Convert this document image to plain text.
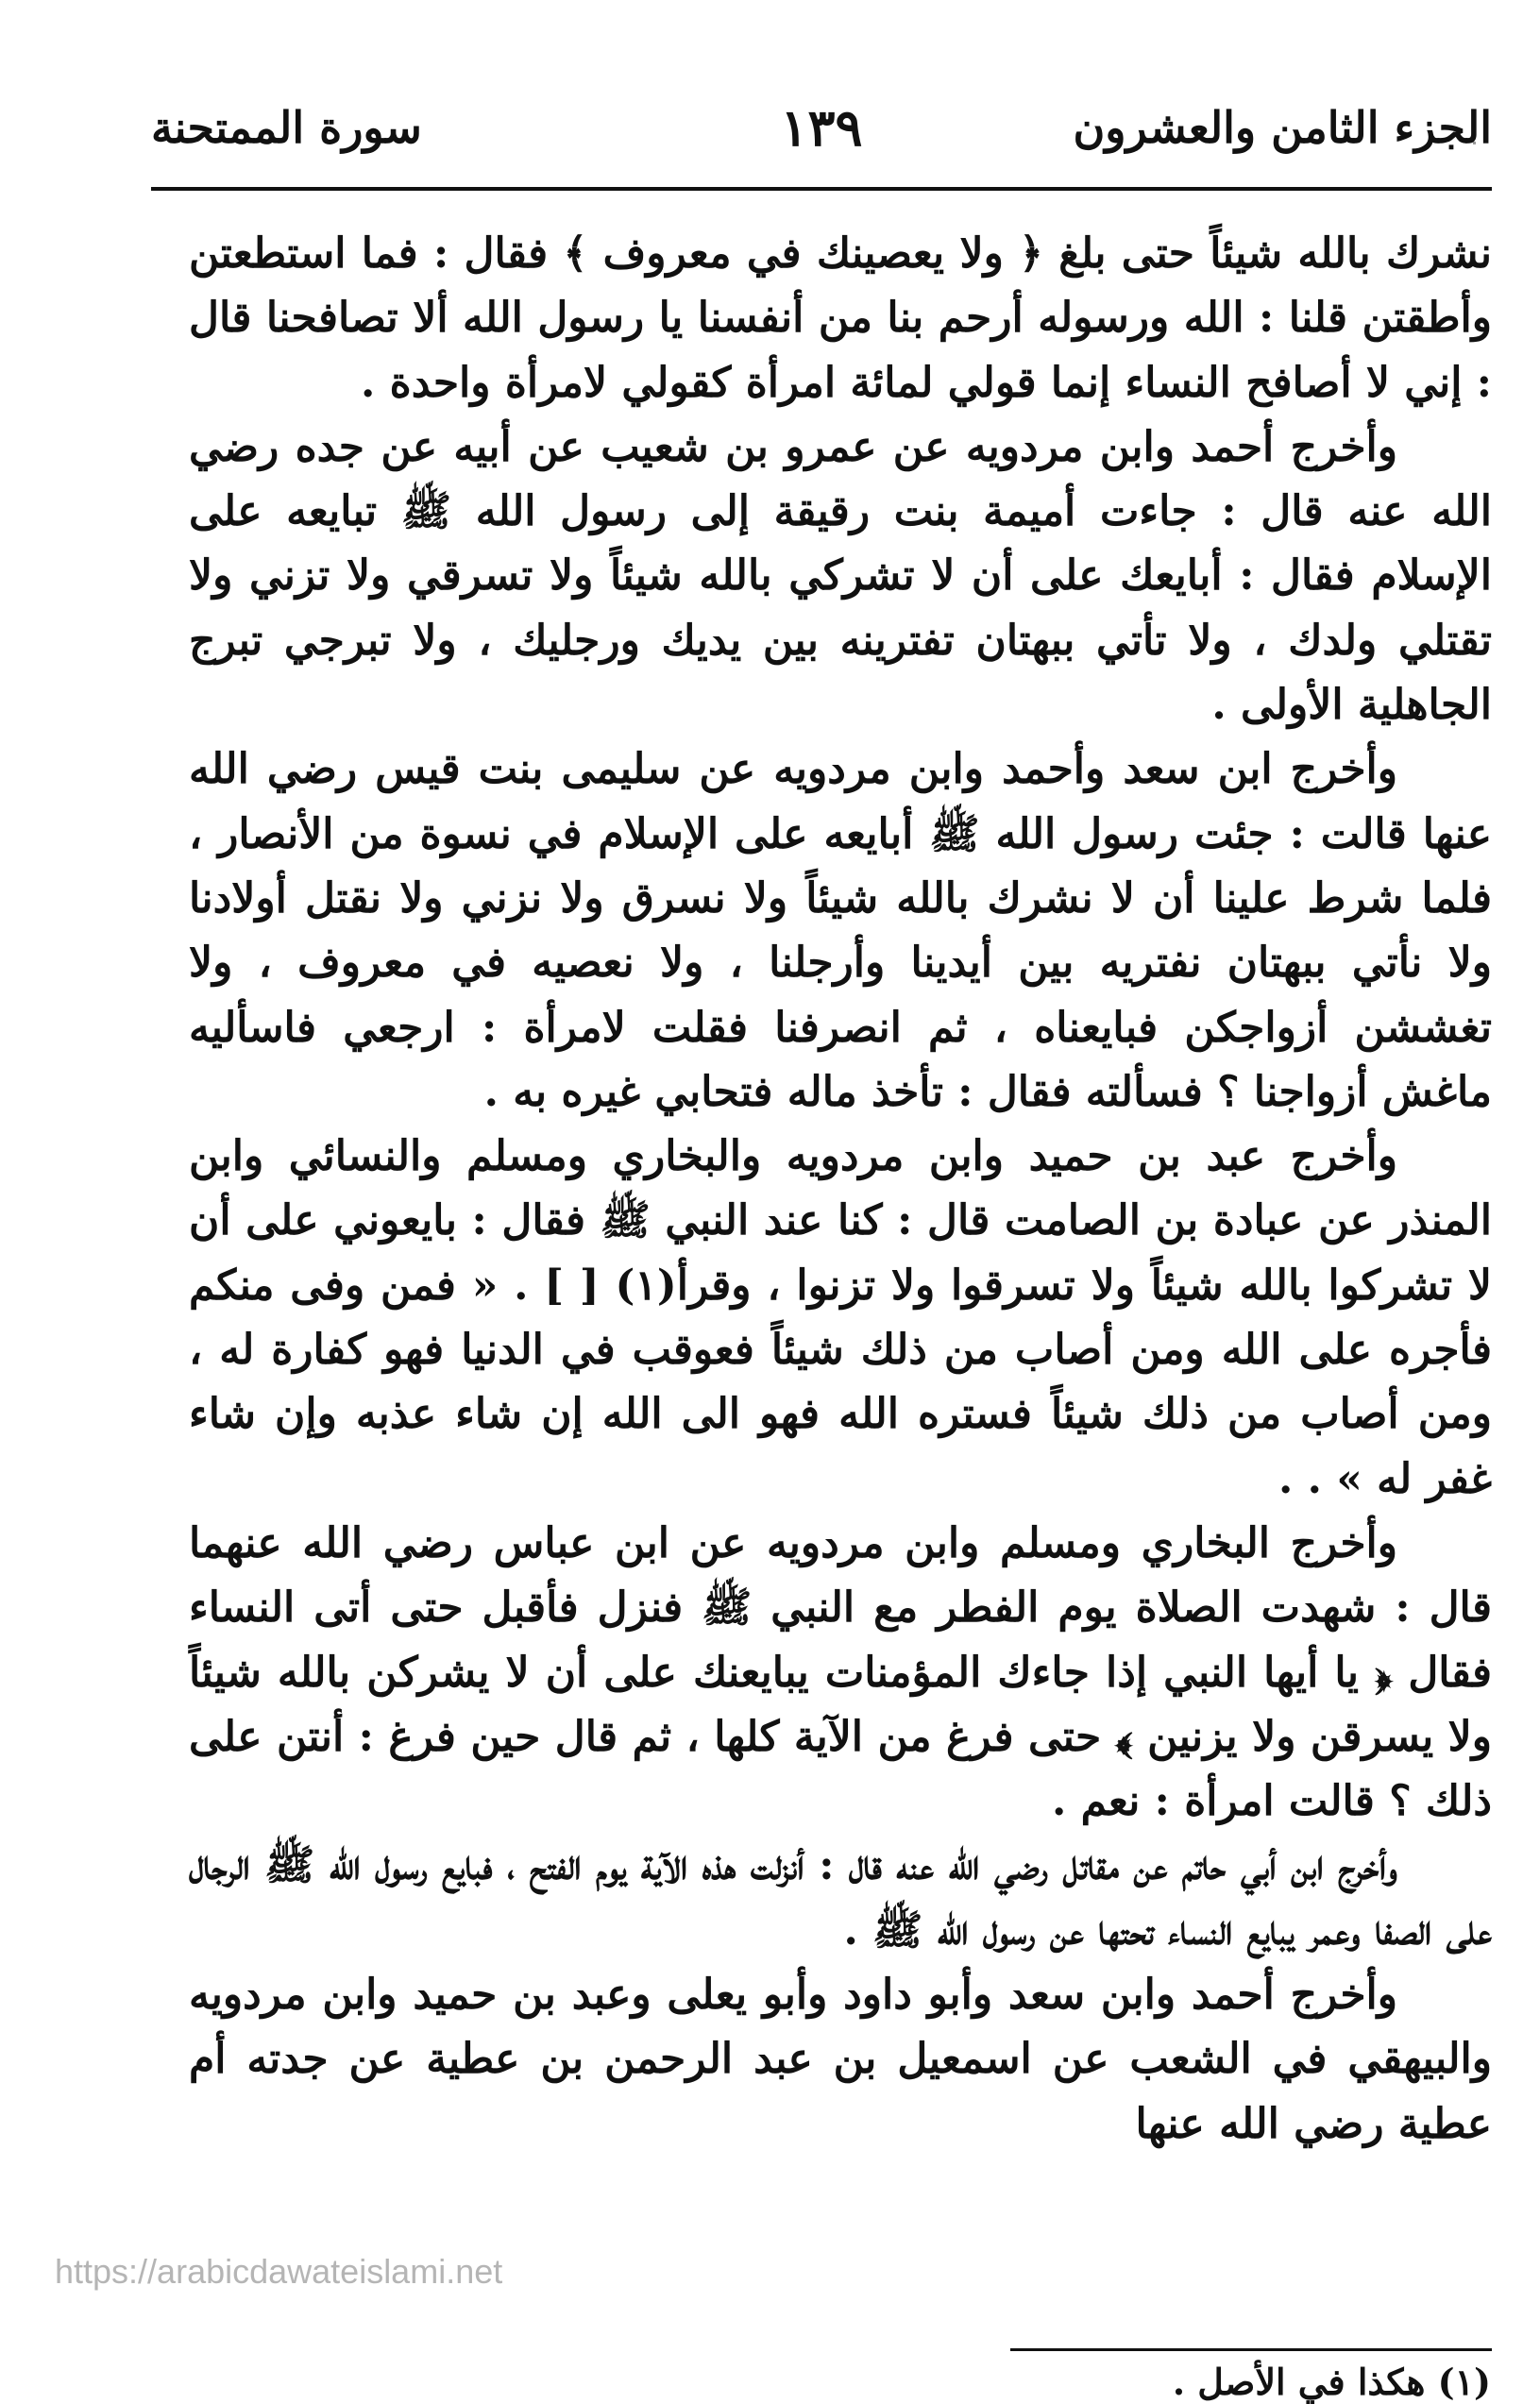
الجزء الثامن والعشرون
١٣٩
سورة الممتحنة

نشرك بالله شيئاً حتى بلغ ﴿ ولا يعصينك في معروف ﴾ فقال : فما استطعتن وأطقتن قلنا : الله ورسوله أرحم بنا من أنفسنا يا رسول الله ألا تصافحنا قال : إني لا أصافح النساء إنما قولي لمائة امرأة كقولي لامرأة واحدة .

وأخرج أحمد وابن مردويه عن عمرو بن شعيب عن أبيه عن جده رضي الله عنه قال : جاءت أميمة بنت رقيقة إلى رسول الله ﷺ تبايعه على الإسلام فقال : أبايعك على أن لا تشركي بالله شيئاً ولا تسرقي ولا تزني ولا تقتلي ولدك ، ولا تأتي ببهتان تفترينه بين يديك ورجليك ، ولا تبرجي تبرج الجاهلية الأولى .

وأخرج ابن سعد وأحمد وابن مردويه عن سليمى بنت قيس رضي الله عنها قالت : جئت رسول الله ﷺ أبايعه على الإسلام في نسوة من الأنصار ، فلما شرط علينا أن لا نشرك بالله شيئاً ولا نسرق ولا نزني ولا نقتل أولادنا ولا نأتي ببهتان نفتريه بين أيدينا وأرجلنا ، ولا نعصيه في معروف ، ولا تغششن أزواجكن فبايعناه ، ثم انصرفنا فقلت لامرأة : ارجعي فاسأليه ماغش أزواجنا ؟ فسألته فقال : تأخذ ماله فتحابي غيره به .

وأخرج عبد بن حميد وابن مردويه والبخاري ومسلم والنسائي وابن المنذر عن عبادة بن الصامت قال : كنا عند النبي ﷺ فقال : بايعوني على أن لا تشركوا بالله شيئاً ولا تسرقوا ولا تزنوا ، وقرأ(١) [ ] . « فمن وفى منكم فأجره على الله ومن أصاب من ذلك شيئاً فعوقب في الدنيا فهو كفارة له ، ومن أصاب من ذلك شيئاً فستره الله فهو الى الله إن شاء عذبه وإن شاء غفر له » . .

وأخرج البخاري ومسلم وابن مردويه عن ابن عباس رضي الله عنهما قال : شهدت الصلاة يوم الفطر مع النبي ﷺ فنزل فأقبل حتى أتى النساء فقال ﴿ يا أيها النبي إذا جاءك المؤمنات يبايعنك على أن لا يشركن بالله شيئاً ولا يسرقن ولا يزنين ﴾ حتى فرغ من الآية كلها ، ثم قال حين فرغ : أنتن على ذلك ؟ قالت امرأة : نعم .

وأخرج ابن أبي حاتم عن مقاتل رضي الله عنه قال : أنزلت هذه الآية يوم الفتح ، فبايع رسول الله ﷺ الرجال على الصفا وعمر يبايع النساء تحتها عن رسول الله ﷺ .

وأخرج أحمد وابن سعد وأبو داود وأبو يعلى وعبد بن حميد وابن مردويه والبيهقي في الشعب عن اسمعيل بن عبد الرحمن بن عطية عن جدته أم عطية رضي الله عنها

https://arabicdawateislami.net
(١) هكذا في الأصل .
